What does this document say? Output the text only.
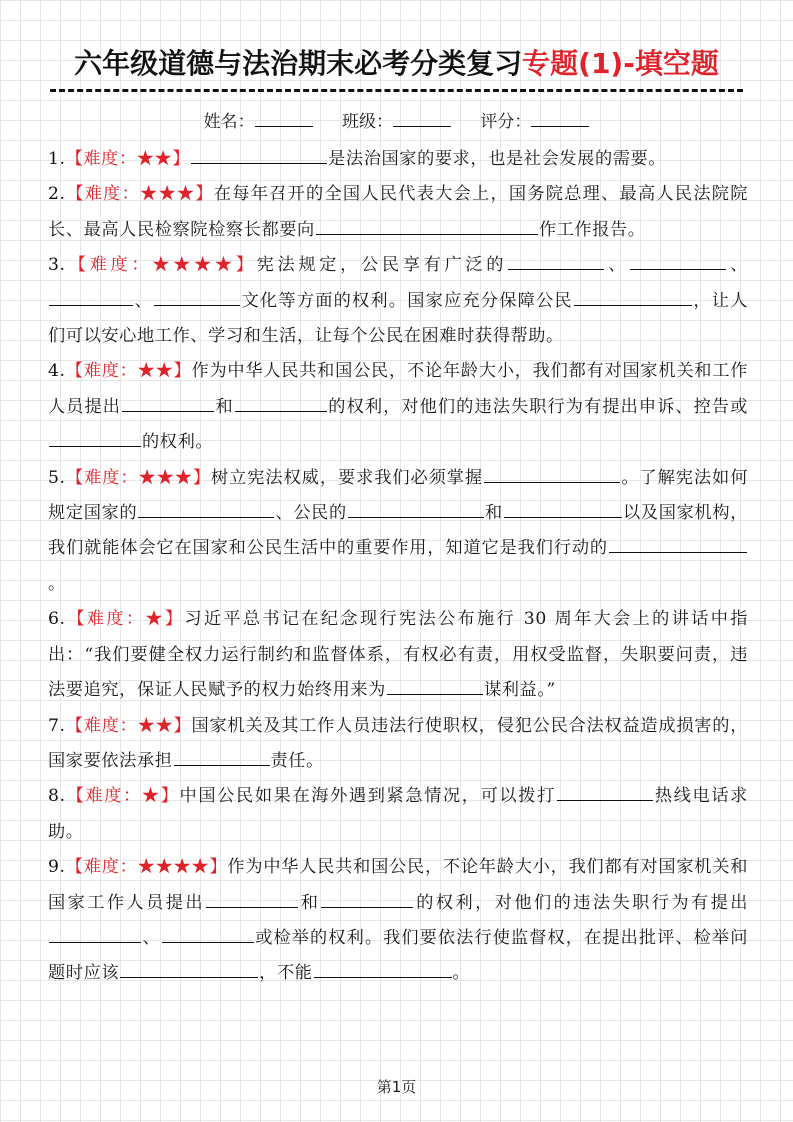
六年级道德与法治期末必考分类复习专题(1)-填空题
姓名：	班级：	评分：
1.【难度：★★】	是法治国家的要求，也是社会发展的需要。
2.【难度：★★★】在每年召开的全国人民代表大会上，国务院总理、最高人民法院院长、最高人民检察院检察长都要向	作工作报告。
3.【难度：★★★★】宪法规定，公民享有广泛的	、	、、	文化等方面的权利。国家应充分保障公民	，让人们可以安心地工作、学习和生活，让每个公民在困难时获得帮助。
4.【难度：★★】作为中华人民共和国公民，不论年龄大小，我们都有对国家机关和工作人员提出	和	的权利，对他们的违法失职行为有提出申诉、控告或的权利。
5.【难度：★★★】树立宪法权威，要求我们必须掌握	。了解宪法如何规定国家的	、公民的	和	以及国家机构，我们就能体会它在国家和公民生活中的重要作用，知道它是我们行动的。
6.【难度：★】习近平总书记在纪念现行宪法公布施行 30 周年大会上的讲话中指出：“我们要健全权力运行制约和监督体系，有权必有责，用权受监督，失职要问责，违法要追究，保证人民赋予的权力始终用来为	谋利益。”
7.【难度：★★】国家机关及其工作人员违法行使职权，侵犯公民合法权益造成损害的，国家要依法承担	责任。
8.【难度：★】中国公民如果在海外遇到紧急情况，可以拨打	热线电话求助。
9.【难度：★★★★】作为中华人民共和国公民，不论年龄大小，我们都有对国家机关和国家工作人员提出	和	的权利，对他们的违法失职行为有提出、	或检举的权利。我们要依法行使监督权，在提出批评、检举问题时应该	，不能	。
第1页
